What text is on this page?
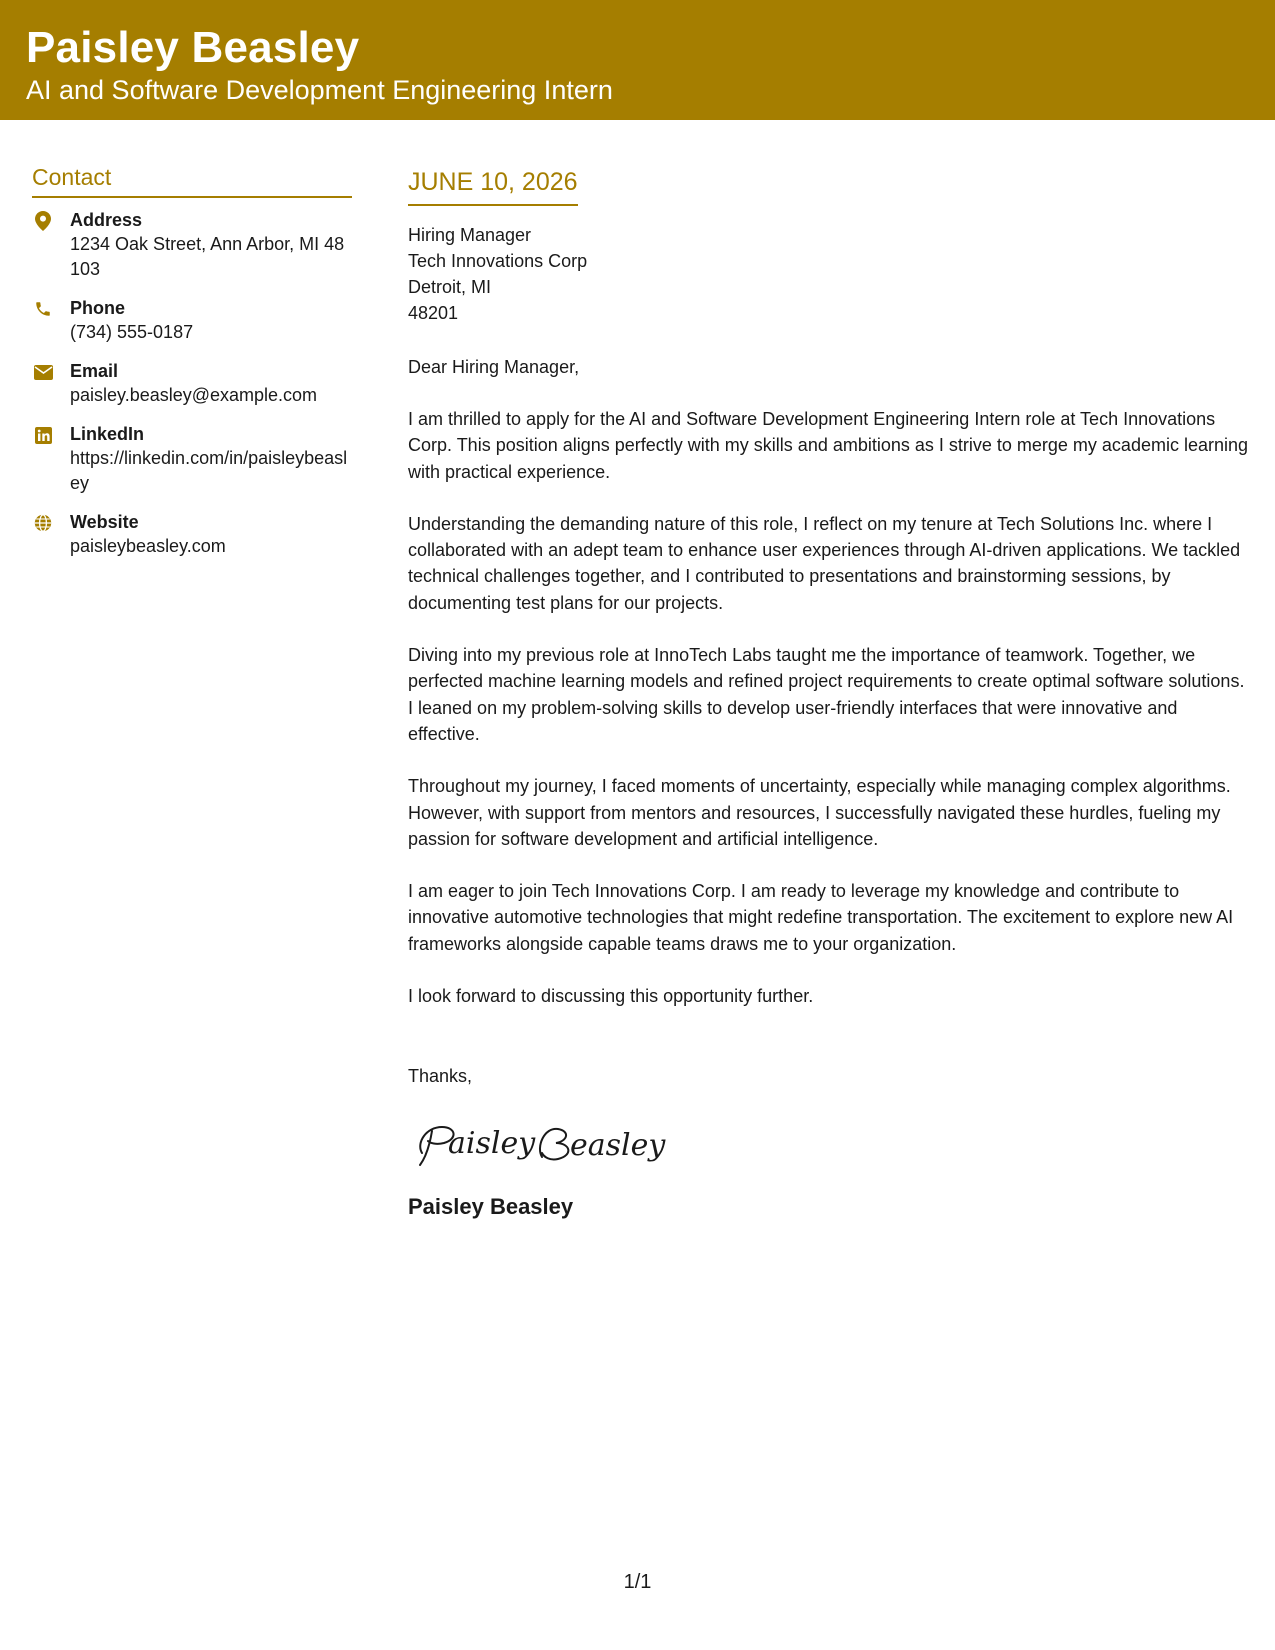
Paisley Beasley
AI and Software Development Engineering Intern
Contact
Address
1234 Oak Street, Ann Arbor, MI 48103
Phone
(734) 555-0187
Email
paisley.beasley@example.com
LinkedIn
https://linkedin.com/in/paisleybeasley
Website
paisleybeasley.com
JUNE 10, 2026
Hiring Manager
Tech Innovations Corp
Detroit, MI
48201
Dear Hiring Manager,
I am thrilled to apply for the AI and Software Development Engineering Intern role at Tech Innovations Corp. This position aligns perfectly with my skills and ambitions as I strive to merge my academic learning with practical experience.
Understanding the demanding nature of this role, I reflect on my tenure at Tech Solutions Inc. where I collaborated with an adept team to enhance user experiences through AI-driven applications. We tackled technical challenges together, and I contributed to presentations and brainstorming sessions, by documenting test plans for our projects.
Diving into my previous role at InnoTech Labs taught me the importance of teamwork. Together, we perfected machine learning models and refined project requirements to create optimal software solutions. I leaned on my problem-solving skills to develop user-friendly interfaces that were innovative and effective.
Throughout my journey, I faced moments of uncertainty, especially while managing complex algorithms. However, with support from mentors and resources, I successfully navigated these hurdles, fueling my passion for software development and artificial intelligence.
I am eager to join Tech Innovations Corp. I am ready to leverage my knowledge and contribute to innovative automotive technologies that might redefine transportation. The excitement to explore new AI frameworks alongside capable teams draws me to your organization.
I look forward to discussing this opportunity further.
Thanks,
aisley easley
Paisley Beasley
1/1
